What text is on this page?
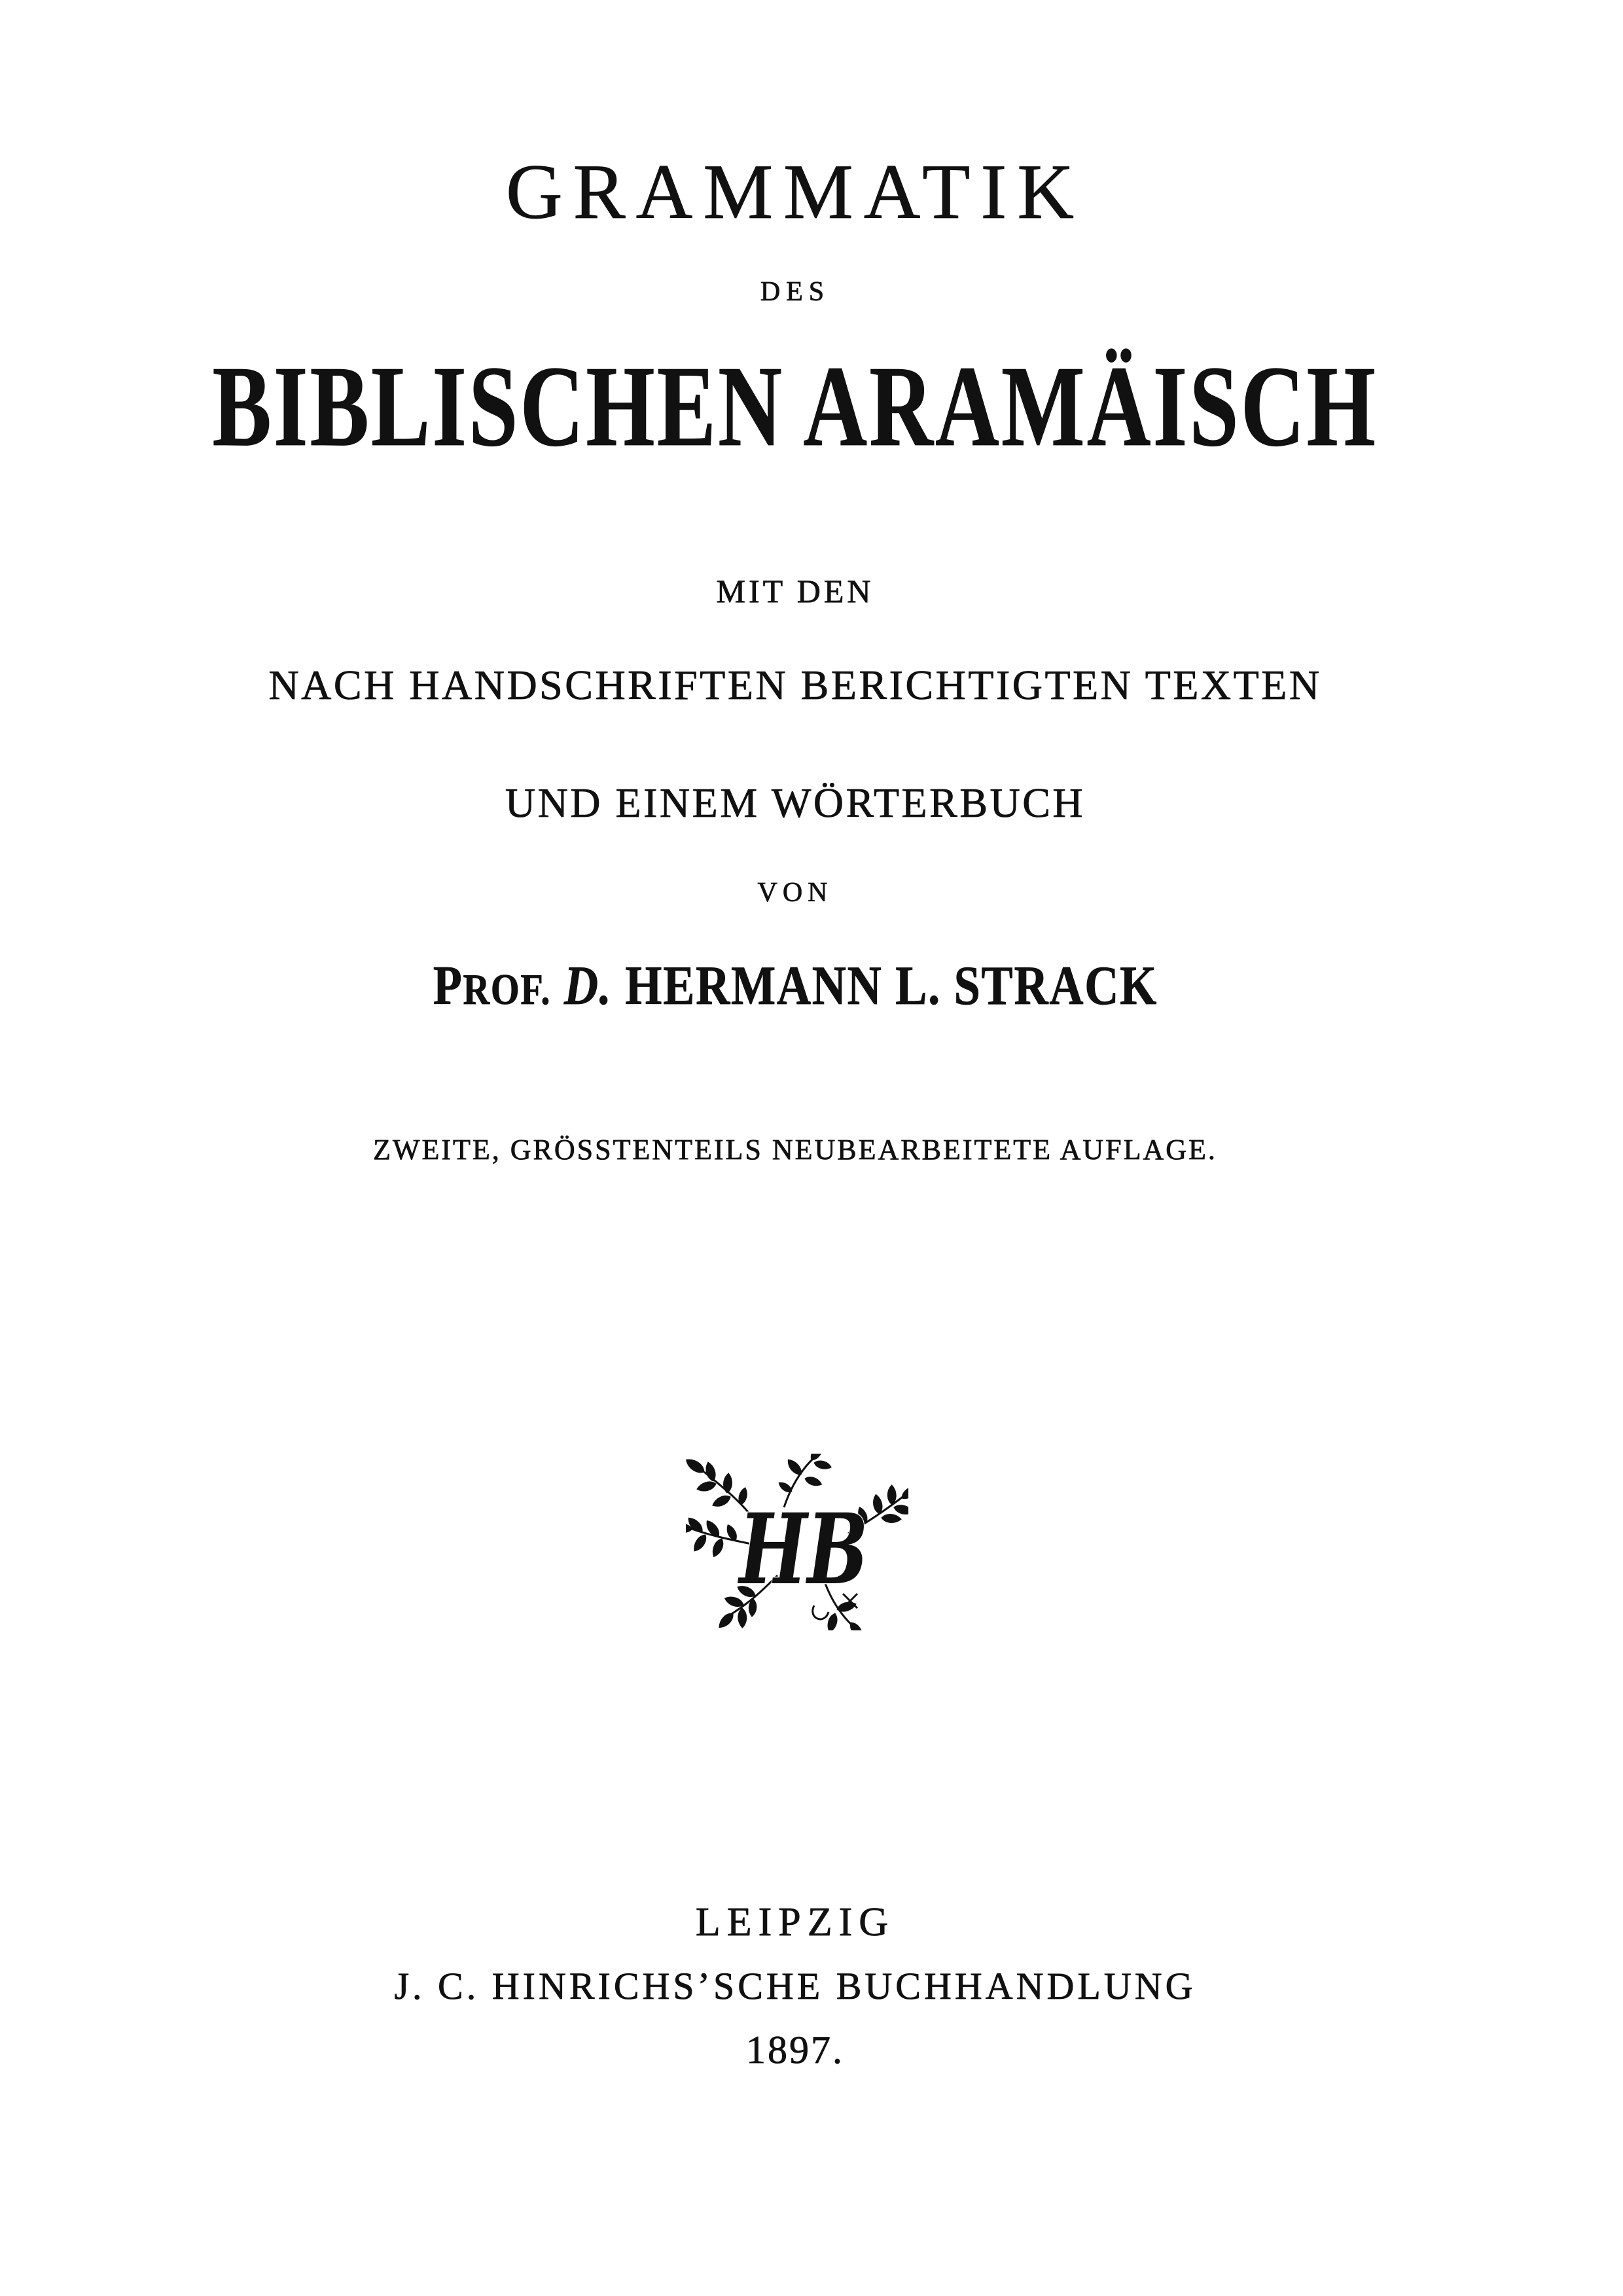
GRAMMATIK
DES
BIBLISCHEN ARAMÄISCH
MIT DEN
NACH HANDSCHRIFTEN BERICHTIGTEN TEXTEN
UND EINEM WÖRTERBUCH
VON
PROF. D. HERMANN L. STRACK
ZWEITE, GRÖSSTENTEILS NEUBEARBEITETE AUFLAGE.
HB
LEIPZIG
J. C. HINRICHS’SCHE BUCHHANDLUNG
1897.
